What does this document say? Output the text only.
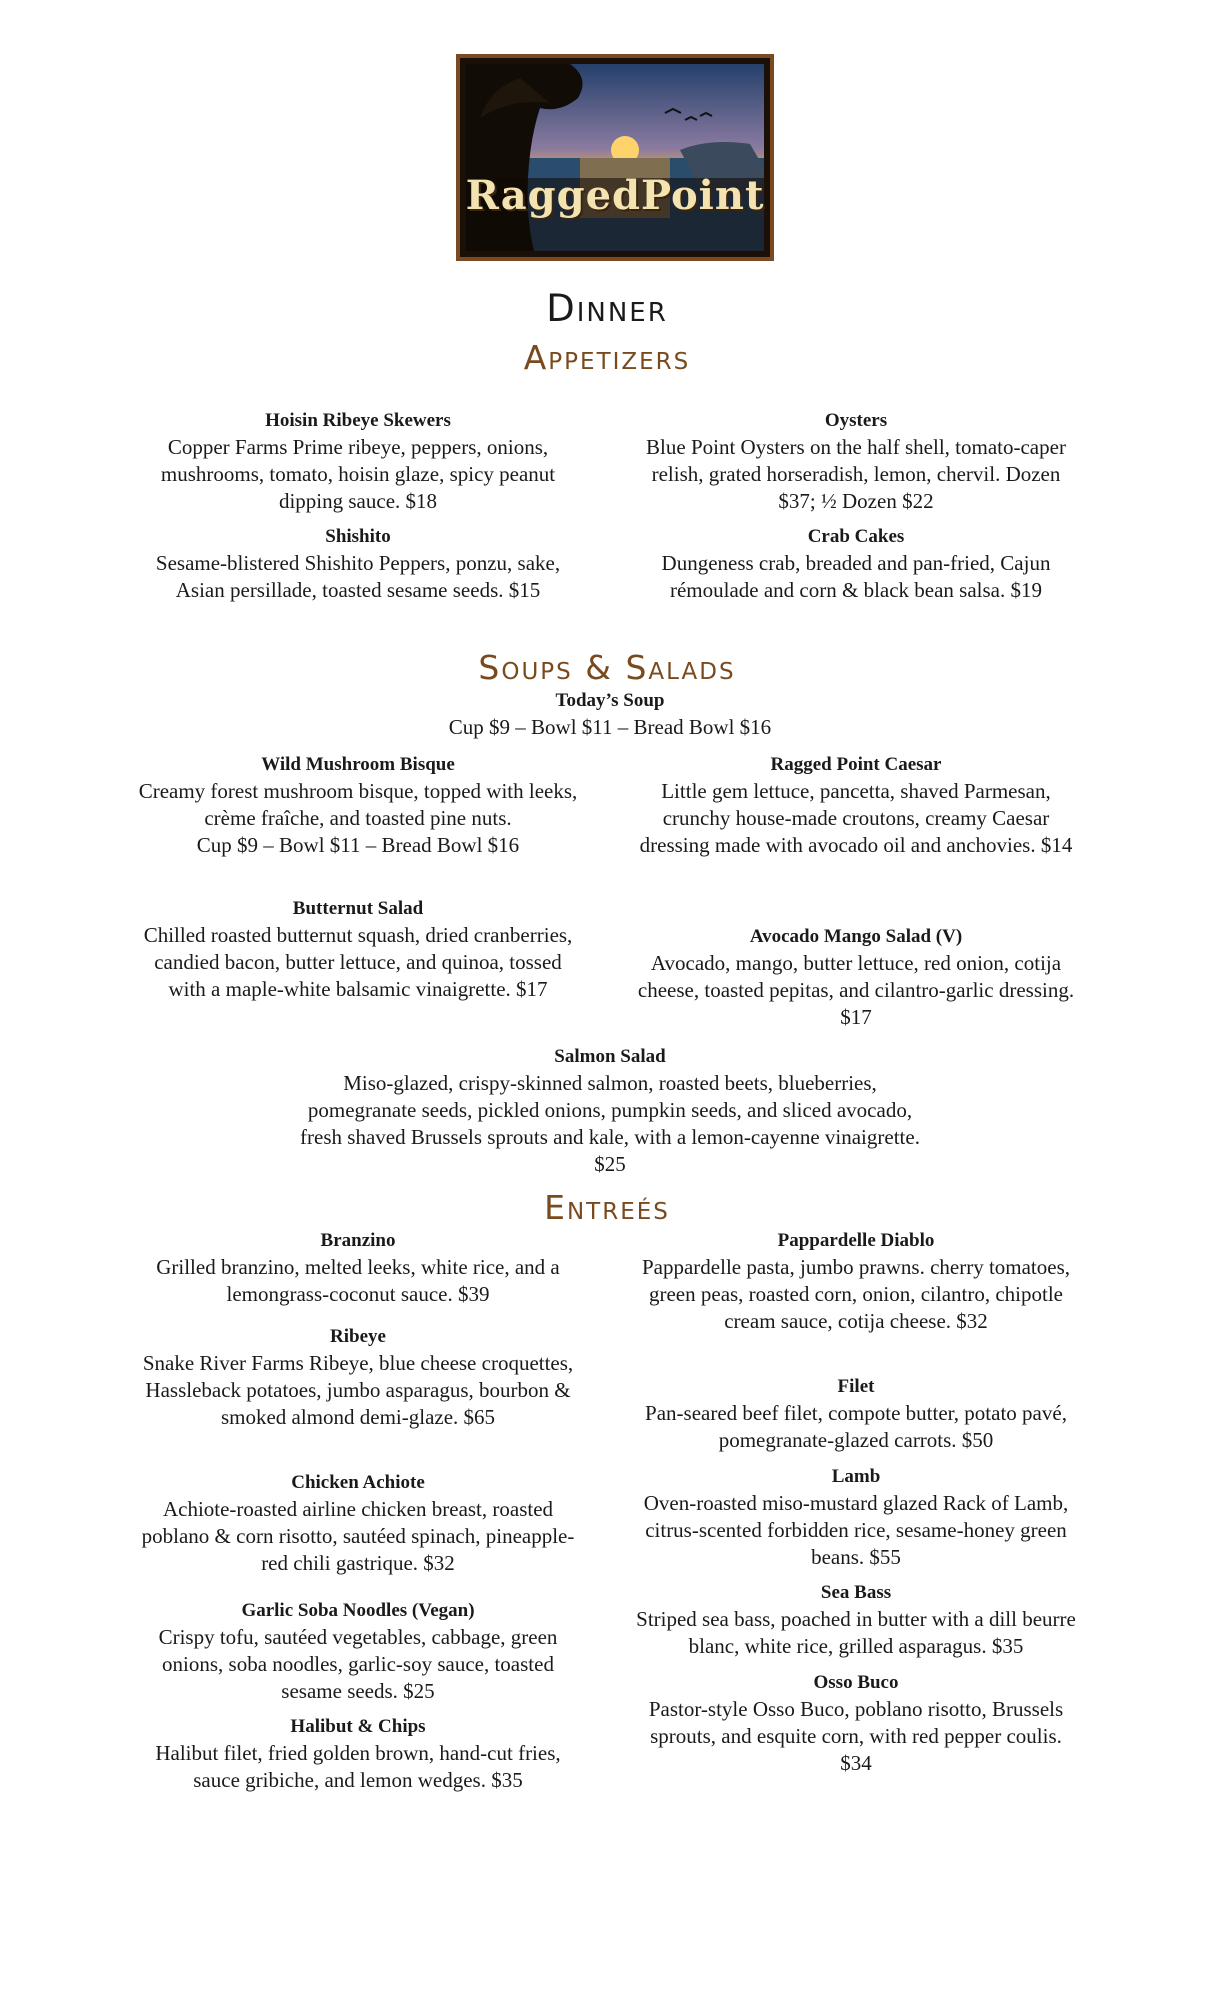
RaggedPoint
Dinner
Appetizers
Hoisin Ribeye Skewers
Copper Farms Prime ribeye, peppers, onions, mushrooms, tomato, hoisin glaze, spicy peanut dipping sauce. $18
Oysters
Blue Point Oysters on the half shell, tomato-caper relish, grated horseradish, lemon, chervil. Dozen $37; ½ Dozen $22
Shishito
Sesame-blistered Shishito Peppers, ponzu, sake, Asian persillade, toasted sesame seeds. $15
Crab Cakes
Dungeness crab, breaded and pan-fried, Cajun rémoulade and corn & black bean salsa. $19
Soups & Salads
Today’s Soup
Cup $9 – Bowl $11 – Bread Bowl $16
Wild Mushroom Bisque
Creamy forest mushroom bisque, topped with leeks, crème fraîche, and toasted pine nuts.
Cup $9 – Bowl $11 – Bread Bowl $16
Ragged Point Caesar
Little gem lettuce, pancetta, shaved Parmesan, crunchy house-made croutons, creamy Caesar dressing made with avocado oil and anchovies. $14
Butternut Salad
Chilled roasted butternut squash, dried cranberries, candied bacon, butter lettuce, and quinoa, tossed with a maple-white balsamic vinaigrette. $17
Avocado Mango Salad (V)
Avocado, mango, butter lettuce, red onion, cotija cheese, toasted pepitas, and cilantro-garlic dressing. $17
Salmon Salad
Miso-glazed, crispy-skinned salmon, roasted beets, blueberries, pomegranate seeds, pickled onions, pumpkin seeds, and sliced avocado, fresh shaved Brussels sprouts and kale, with a lemon-cayenne vinaigrette. $25
Entreés
Branzino
Grilled branzino, melted leeks, white rice, and a lemongrass-coconut sauce. $39
Pappardelle Diablo
Pappardelle pasta, jumbo prawns. cherry tomatoes, green peas, roasted corn, onion, cilantro, chipotle cream sauce, cotija cheese. $32
Ribeye
Snake River Farms Ribeye, blue cheese croquettes, Hassleback potatoes, jumbo asparagus, bourbon & smoked almond demi-glaze. $65
Filet
Pan-seared beef filet, compote butter, potato pavé, pomegranate-glazed carrots. $50
Chicken Achiote
Achiote-roasted airline chicken breast, roasted poblano & corn risotto, sautéed spinach, pineapple-red chili gastrique. $32
Lamb
Oven-roasted miso-mustard glazed Rack of Lamb, citrus-scented forbidden rice, sesame-honey green beans. $55
Sea Bass
Striped sea bass, poached in butter with a dill beurre blanc, white rice, grilled asparagus. $35
Garlic Soba Noodles (Vegan)
Crispy tofu, sautéed vegetables, cabbage, green onions, soba noodles, garlic-soy sauce, toasted sesame seeds. $25	Osso Buco
Pastor-style Osso Buco, poblano risotto, Brussels sprouts, and esquite corn, with red pepper coulis. $34
Halibut & Chips
Halibut filet, fried golden brown, hand-cut fries, sauce gribiche, and lemon wedges. $35
